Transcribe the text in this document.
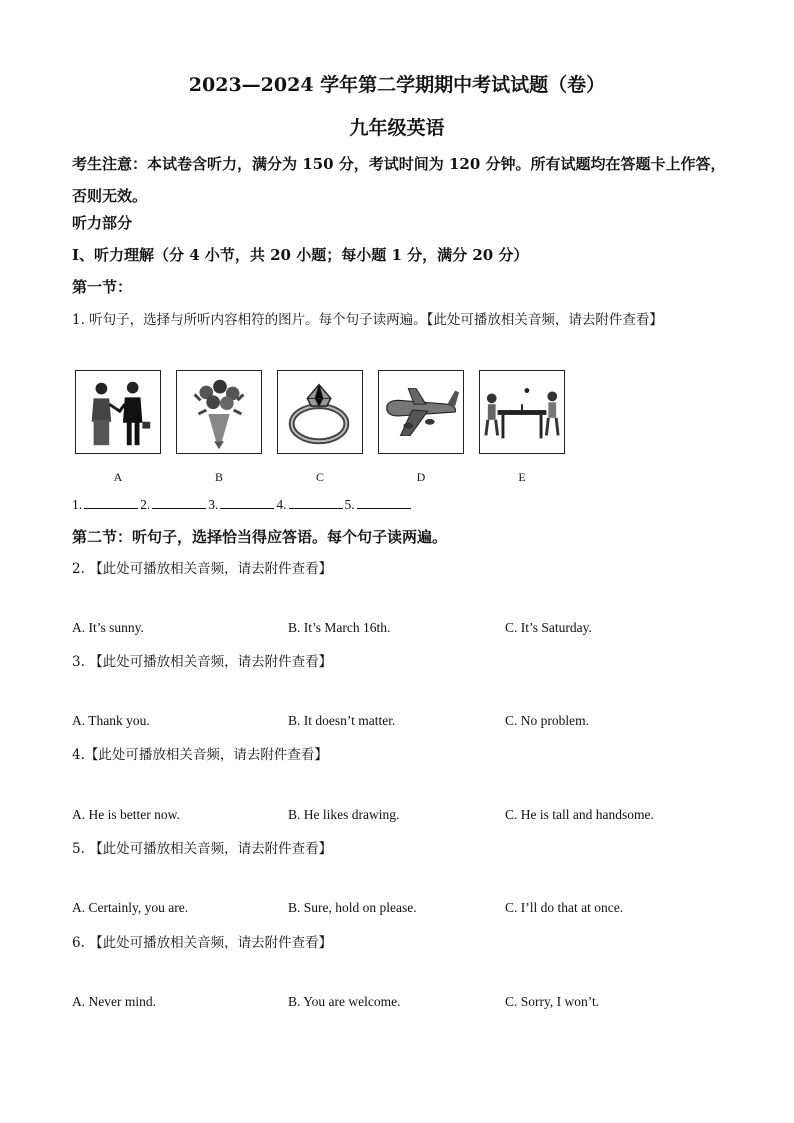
2023—2024 学年第二学期期中考试试题（卷）
九年级英语
考生注意：本试卷含听力，满分为 150 分，考试时间为 120 分钟。所有试题均在答题卡上作答， 否则无效。
听力部分
Ⅰ、听力理解（分 4 小节，共 20 小题；每小题 1 分，满分 20 分）
第一节：
1. 听句子，选择与所听内容相符的图片。每个句子读两遍。【此处可播放相关音频，请去附件查看】
A	B	C	D	E
1.	2.	3.	4.	5.
第二节：听句子，选择恰当得应答语。每个句子读两遍。
2. 【此处可播放相关音频，请去附件查看】
A. It’s sunny.	B. It’s March 16th.	C. It’s Saturday.
3. 【此处可播放相关音频，请去附件查看】
A. Thank you.	B. It doesn’t matter.	C. No problem.
4.【此处可播放相关音频，请去附件查看】
A. He is better now.	B. He likes drawing.	C. He is tall and handsome.
5. 【此处可播放相关音频，请去附件查看】
A. Certainly, you are.	B. Sure, hold on please.	C. I’ll do that at once.
6. 【此处可播放相关音频，请去附件查看】
A. Never mind.	B. You are welcome.	C. Sorry, I won’t.
